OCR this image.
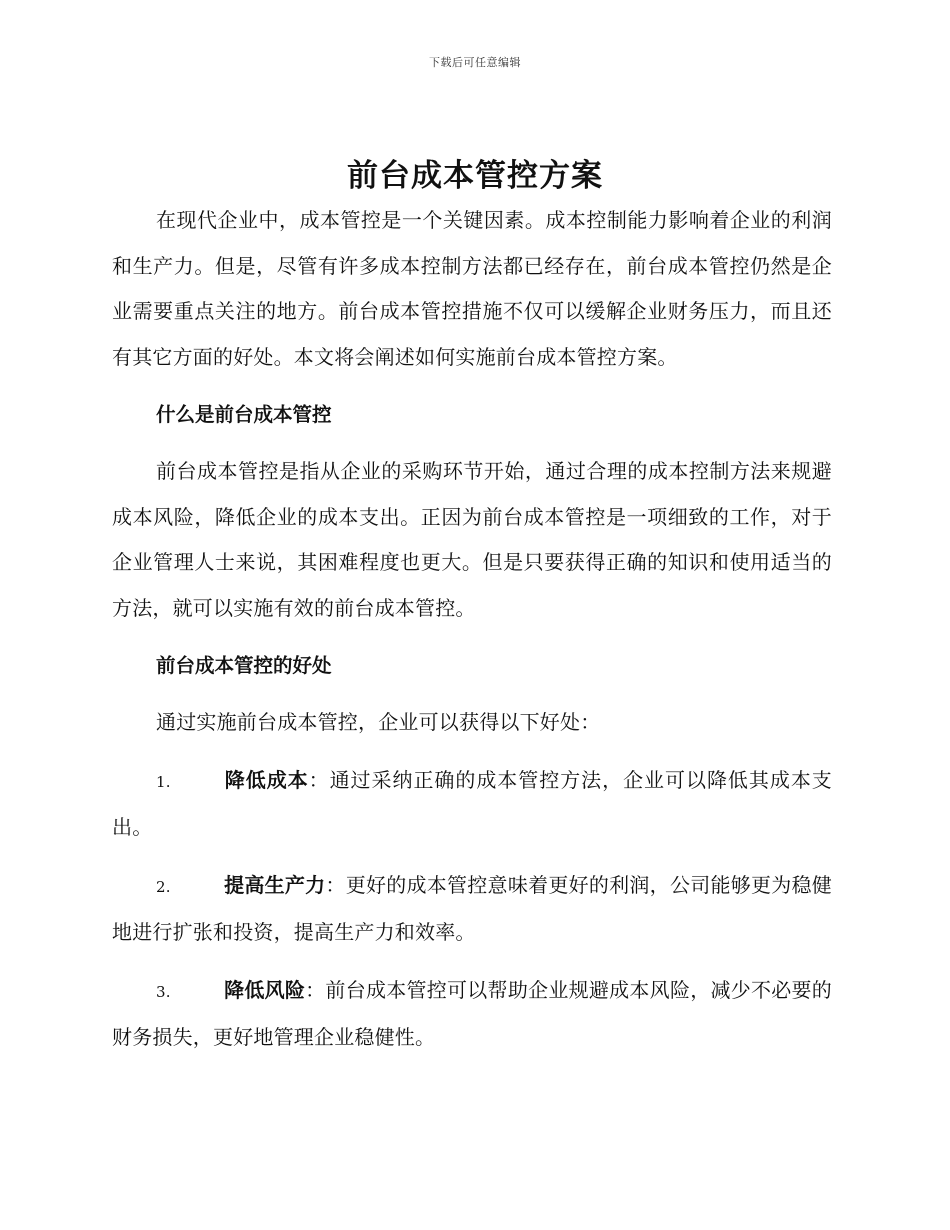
下载后可任意编辑
前台成本管控方案

在现代企业中，成本管控是一个关键因素。成本控制能力影响着企业的利润和生产力。但是，尽管有许多成本控制方法都已经存在，前台成本管控仍然是企业需要重点关注的地方。前台成本管控措施不仅可以缓解企业财务压力，而且还有其它方面的好处。本文将会阐述如何实施前台成本管控方案。

什么是前台成本管控

前台成本管控是指从企业的采购环节开始，通过合理的成本控制方法来规避成本风险，降低企业的成本支出。正因为前台成本管控是一项细致的工作，对于企业管理人士来说，其困难程度也更大。但是只要获得正确的知识和使用适当的方法，就可以实施有效的前台成本管控。

前台成本管控的好处

通过实施前台成本管控，企业可以获得以下好处：

1.	降低成本：通过采纳正确的成本管控方法，企业可以降低其成本支出。

2.	提高生产力：更好的成本管控意味着更好的利润，公司能够更为稳健地进行扩张和投资，提高生产力和效率。

3.	降低风险：前台成本管控可以帮助企业规避成本风险，减少不必要的财务损失，更好地管理企业稳健性。
